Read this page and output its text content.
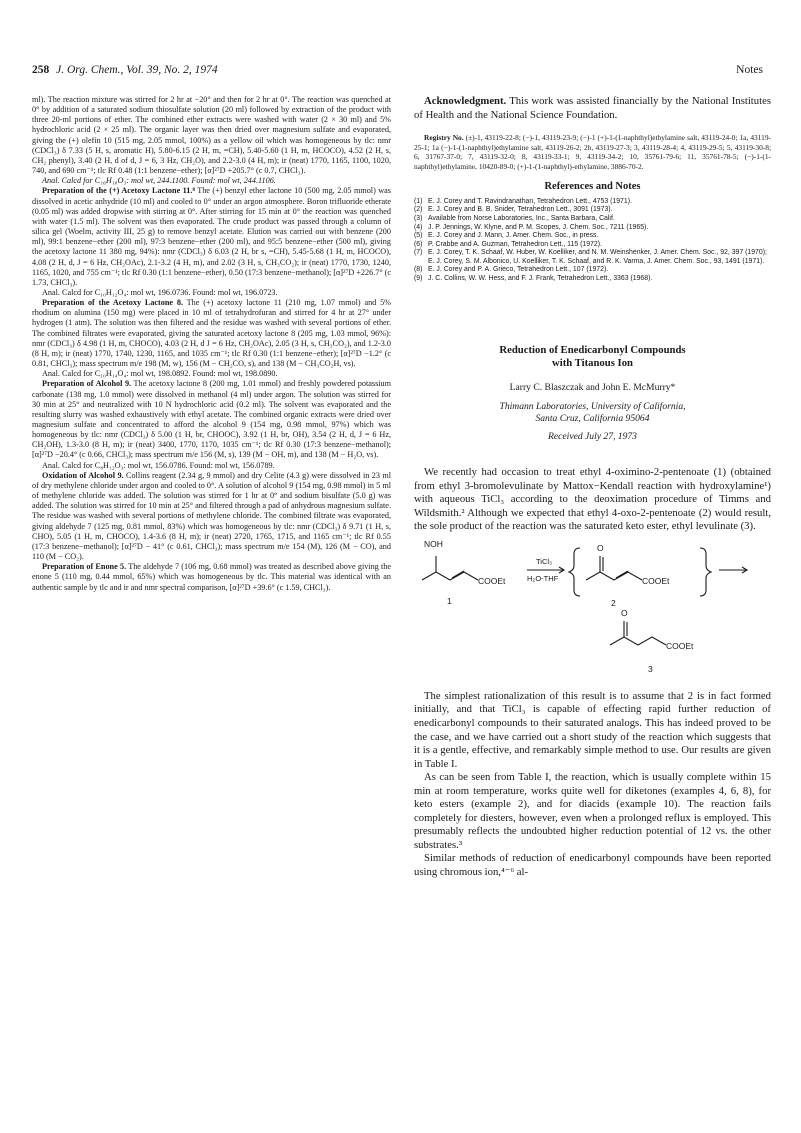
258 J. Org. Chem., Vol. 39, No. 2, 1974	Notes

ml). The reaction mixture was stirred for 2 hr at −20° and then for 2 hr at 0°. The reaction was quenched at 0° by addition of a saturated sodium thiosulfate solution (20 ml) followed by extraction of the product with three 20-ml portions of ether. The combined ether extracts were washed with water (2 × 30 ml) and 5% hydrochloric acid (2 × 25 ml). The organic layer was then dried over magnesium sulfate and evaporated, giving the (+) olefin 10 (515 mg, 2.05 mmol, 100%) as a yellow oil which was homogeneous by tlc: nmr (CDCl₃) δ 7.33 (5 H, s, aromatic H), 5.80-6.15 (2 H, m, =CH), 5.40-5.60 (1 H, m, HCOCO), 4.52 (2 H, s, CH₂ phenyl), 3.40 (2 H, d of d, J = 6, 3 Hz, CH₂O), and 2.2-3.0 (4 H, m); ir (neat) 1770, 1165, 1100, 1020, 740, and 690 cm⁻¹; tlc Rf 0.48 (1:1 benzene−ether); [α]²⁷D +205.7° (c 0.7, CHCl₃).

Anal. Calcd for C₁₆H₁₈O₃: mol wt, 244.1100. Found: mol wt, 244.1106.

Preparation of the (+) Acetoxy Lactone 11.⁸ The (+) benzyl ether lactone 10 (500 mg, 2.05 mmol) was dissolved in acetic anhydride (10 ml) and cooled to 0° under an argon atmosphere. Boron trifluoride etherate (0.05 ml) was added dropwise with stirring at 0°. After stirring for 15 min at 0° the reaction was quenched with water (1.5 ml). The solvent was then evaporated. The crude product was passed through a column of silica gel (Woelm, activity III, 25 g) to remove benzyl acetate. Elution was carried out with benzene (200 ml), 99:1 benzene−ether (200 ml), 97:3 benzene−ether (200 ml), and 95:5 benzene−ether (500 ml), giving the acetoxy lactone 11 380 mg, 94%): nmr (CDCl₃) δ 6.03 (2 H, br s, =CH), 5.45-5.68 (1 H, m, HCOCO), 4.08 (2 H, d, J = 6 Hz, CH₂OAc), 2.1-3.2 (4 H, m), and 2.02 (3 H, s, CH₃CO₂); ir (neat) 1770, 1730, 1240, 1165, 1020, and 755 cm⁻¹; tlc Rf 0.30 (1:1 benzene−ether), 0.50 (17:3 benzene−methanol); [α]²⁷D +226.7° (c 1.73, CHCl₃).

Anal. Calcd for C₁₀H₁₂O₄: mol wt, 196.0736. Found: mol wt, 196.0723.

Preparation of the Acetoxy Lactone 8. The (+) acetoxy lactone 11 (210 mg, 1.07 mmol) and 5% rhodium on alumina (150 mg) were placed in 10 ml of tetrahydrofuran and stirred for 4 hr at 27° under hydrogen (1 atm). The solution was then filtered and the residue was washed with several portions of ether. The combined filtrates were evaporated, giving the saturated acetoxy lactone 8 (205 mg, 1.03 mmol, 96%): nmr (CDCl₃) δ 4.98 (1 H, m, CHOCO), 4.03 (2 H, d J = 6 Hz, CH₂OAc), 2.05 (3 H, s, CH₃CO₂), and 1.2-3.0 (8 H, m); ir (neat) 1770, 1740, 1230, 1165, and 1035 cm⁻¹; tlc Rf 0.30 (1:1 benzene−ether); [α]²⁷D −1.2° (c 0.81, CHCl₃); mass spectrum m/e 198 (M, w), 156 (M − CH₂CO, s), and 138 (M − CH₃CO₂H, vs).

Anal. Calcd for C₁₀H₁₄O₄: mol wt, 198.0892. Found: mol wt, 198.0890.

Preparation of Alcohol 9. The acetoxy lactone 8 (200 mg, 1.01 mmol) and freshly powdered potassium carbonate (138 mg, 1.0 mmol) were dissolved in methanol (4 ml) under argon. The solution was stirred for 30 min at 25° and neutralized with 10 N hydrochloric acid (0.2 ml). The solvent was evaporated and the resulting slurry was washed exhaustively with ethyl acetate. The combined organic extracts were dried over magnesium sulfate and concentrated to afford the alcohol 9 (154 mg, 0.98 mmol, 97%) which was homogeneous by tlc: nmr (CDCl₃) δ 5.00 (1 H, br, CHOOC), 3.92 (1 H, br, OH), 3.54 (2 H, d, J = 6 Hz, CH₂OH), 1.3-3.0 (8 H, m); ir (neat) 3400, 1770, 1170, 1035 cm⁻¹; tlc Rf 0.30 (17:3 benzene−methanol); [α]²⁷D −20.4° (c 0.66, CHCl₃); mass spectrum m/e 156 (M, s), 139 (M − OH, m), and 138 (M − H₂O, vs).

Anal. Calcd for C₈H₁₂O₃: mol wt, 156.0786. Found: mol wt, 156.0789.

Oxidation of Alcohol 9. Collins reagent (2.34 g, 9 mmol) and dry Celite (4.3 g) were dissolved in 23 ml of dry methylene chloride under argon and cooled to 0°. A solution of alcohol 9 (154 mg, 0.98 mmol) in 5 ml of methylene chloride was added. The solution was stirred for 1 hr at 0° and sodium bisulfate (5.0 g) was added. The solution was stirred for 10 min at 25° and filtered through a pad of anhydrous magnesium sulfate. The residue was washed with several portions of methylene chloride. The combined filtrate was evaporated, giving aldehyde 7 (125 mg, 0.81 mmol, 83%) which was homogeneous by tlc: nmr (CDCl₃) δ 9.71 (1 H, s, CHO), 5.05 (1 H, m, CHOCO), 1.4-3.6 (8 H, m); ir (neat) 2720, 1765, 1715, and 1165 cm⁻¹; tlc Rf 0.55 (17:3 benzene−methanol); [α]²⁷D − 41° (c 0.61, CHCl₃); mass spectrum m/e 154 (M), 126 (M − CO), and 110 (M − CO₂).

Preparation of Enone 5. The aldehyde 7 (106 mg, 0.68 mmol) was treated as described above giving the enone 5 (110 mg, 0.44 mmol, 65%) which was homogeneous by tlc. This material was identical with an authentic sample by tlc and ir and nmr spectral comparison, [α]²⁷D +39.6° (c 1.59, CHCl₃).

Acknowledgment. This work was assisted financially by the National Institutes of Health and the National Science Foundation.

Registry No. (±)-1, 43119-22-8; (−)-1, 43119-23-9; (−)-1 (+)-1-(1-naphthyl)ethylamine salt, 43119-24-0; 1a, 43119-25-1; 1a (−)-1-(1-naphthyl)ethylamine salt, 43119-26-2; 2b, 43119-27-3; 3, 43119-28-4; 4, 43119-29-5; 5, 43119-30-8; 6, 31767-37-0; 7, 43119-32-0; 8, 43119-33-1; 9, 43119-34-2; 10, 35761-79-6; 11, 35761-78-5; (−)-1-(1-naphthyl)ethylamine, 10420-89-0; (+)-1-(1-naphthyl)-ethylamine, 3886-70-2.

References and Notes
(1) E. J. Corey and T. Ravindranathan, Tetrahedron Lett., 4753 (1971).
(2) E. J. Corey and B. B. Snider, Tetrahedron Lett., 3091 (1973).
(3) Available from Norse Laboratories, Inc., Santa Barbara, Calif.
(4) J. P. Jennings, W. Klyne, and P. M. Scopes, J. Chem. Soc., 7211 (1965).
(5) E. J. Corey and J. Mann, J. Amer. Chem. Soc., in press.
(6) P. Crabbe and A. Guzman, Tetrahedron Lett., 115 (1972).
(7) E. J. Corey, T. K. Schaaf, W. Huber, W. Koelliker, and N. M. Weinshenker, J. Amer. Chem. Soc., 92, 397 (1970); E. J. Corey, S. M. Albonico, U. Koelliker, T. K. Schaaf, and R. K. Varma, J. Amer. Chem. Soc., 93, 1491 (1971).
(8) E. J. Corey and P. A. Grieco, Tetrahedron Lett., 107 (1972).
(9) J. C. Collins, W. W. Hess, and F. J. Frank, Tetrahedron Lett., 3363 (1968).
Reduction of Enedicarbonyl Compounds
with Titanous Ion
Larry C. Blaszczak and John E. McMurry*
Thimann Laboratories, University of California,
Santa Cruz, California 95064
Received July 27, 1973

We recently had occasion to treat ethyl 4-oximino-2-pentenoate (1) (obtained from ethyl 3-bromolevulinate by Mattox−Kendall reaction with hydroxylamine¹) with aqueous TiCl₃ according to the deoximation procedure of Timms and Wildsmith.² Although we expected that ethyl 4-oxo-2-pentenoate (2) would result, the sole product of the reaction was the saturated keto ester, ethyl levulinate (3).

NOH
COOEt
TiCl₃
H₂O-THF
1
O
COOEt
2
O
COOEt
3

The simplest rationalization of this result is to assume that 2 is in fact formed initially, and that TiCl₃ is capable of effecting rapid further reduction of enedicarbonyl compounds to their saturated analogs. This has indeed proved to be the case, and we have carried out a short study of the reaction which suggests that it is a gentle, effective, and remarkably simple method to use. Our results are given in Table I.

As can be seen from Table I, the reaction, which is usually complete within 15 min at room temperature, works quite well for diketones (examples 4, 6, 8), for keto esters (example 2), and for diacids (example 10). The reaction fails completely for diesters, however, even when a prolonged reflux is employed. This presumably reflects the undoubted higher reduction potential of 12 vs. the other substrates.³

Similar methods of reduction of enedicarbonyl compounds have been reported using chromous ion,⁴⁻⁶ al-
